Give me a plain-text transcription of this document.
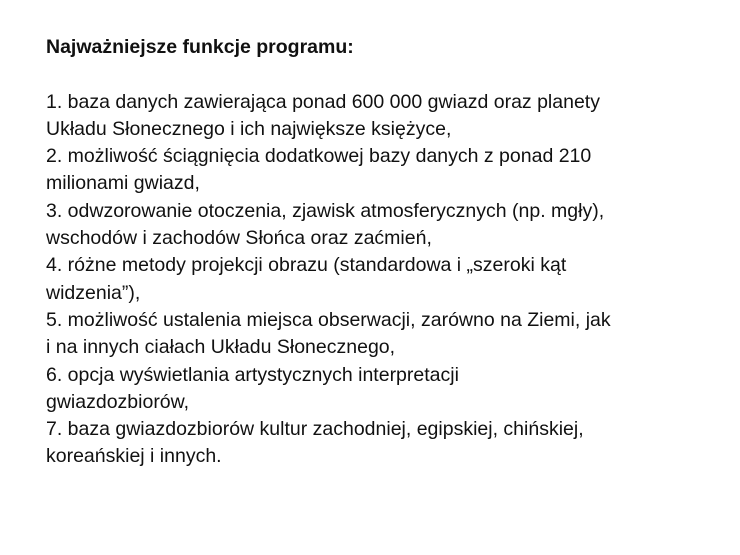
Najważniejsze funkcje programu:

1. baza danych zawierająca ponad 600 000 gwiazd oraz planety

Układu Słonecznego i ich największe księżyce,

2. możliwość ściągnięcia dodatkowej bazy danych z ponad 210

milionami gwiazd,

3. odwzorowanie otoczenia, zjawisk atmosferycznych (np. mgły),

wschodów i zachodów Słońca oraz zaćmień,

4. różne metody projekcji obrazu (standardowa i „szeroki kąt

widzenia”),

5. możliwość ustalenia miejsca obserwacji, zarówno na Ziemi, jak

i na innych ciałach Układu Słonecznego,

6. opcja wyświetlania artystycznych interpretacji

gwiazdozbiorów,

7. baza gwiazdozbiorów kultur zachodniej, egipskiej, chińskiej,

koreańskiej i innych.
